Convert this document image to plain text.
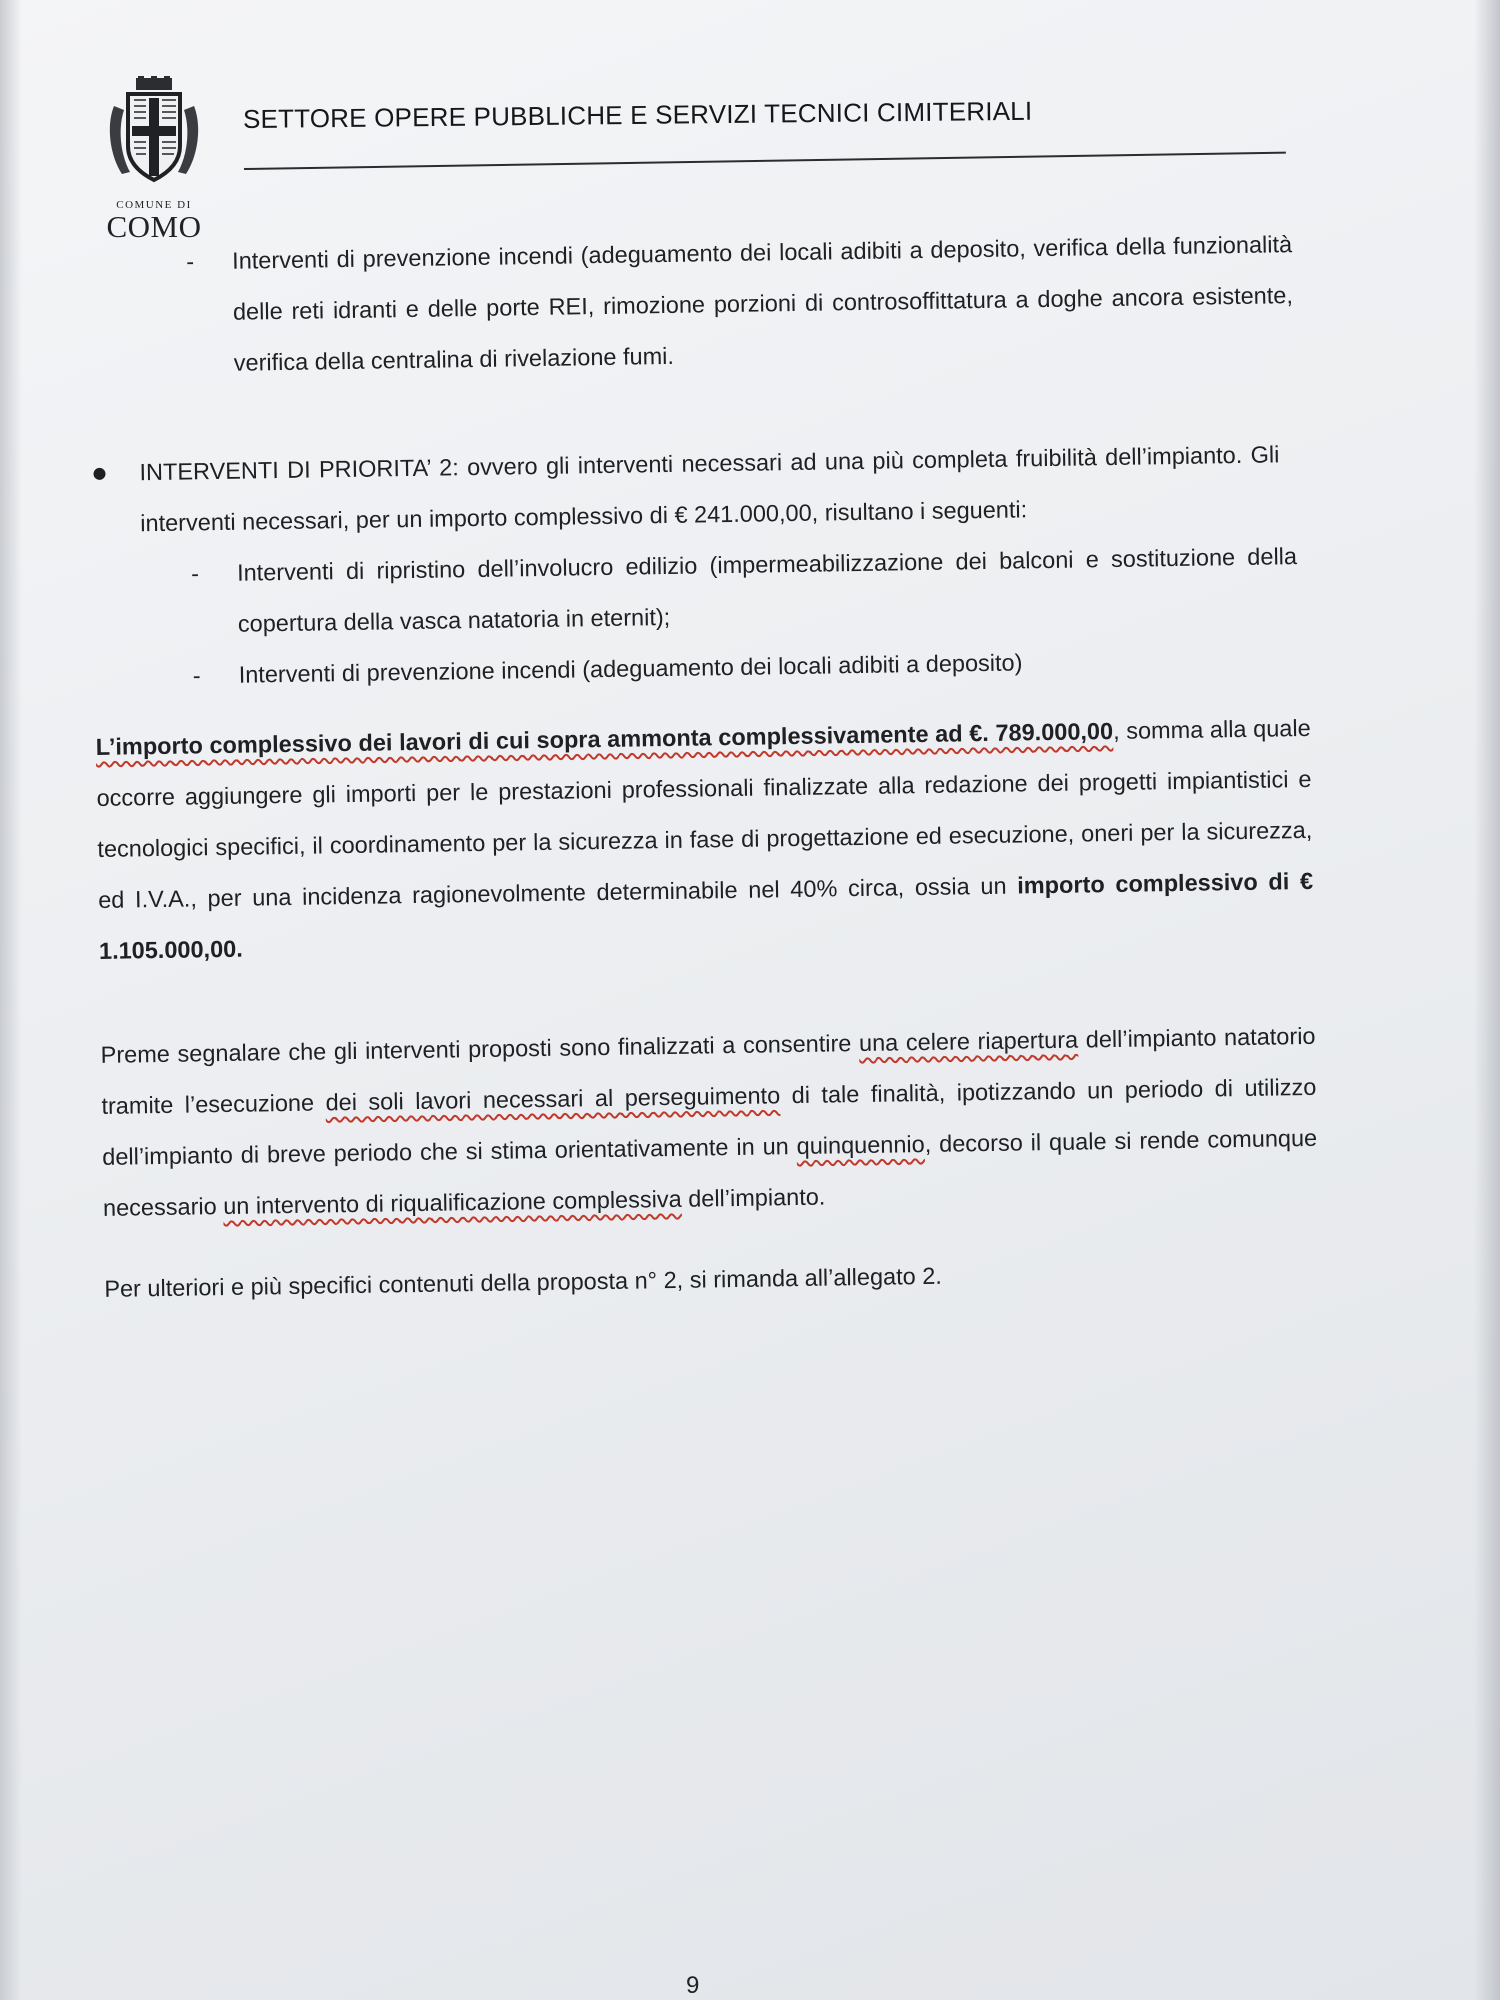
COMUNE DI
COMO
SETTORE OPERE PUBBLICHE E SERVIZI TECNICI CIMITERIALI
- Interventi di prevenzione incendi (adeguamento dei locali adibiti a deposito, verifica della funzionalità delle reti idranti e delle porte REI, rimozione porzioni di controsoffittatura a doghe ancora esistente, verifica della centralina di rivelazione fumi.
INTERVENTI DI PRIORITA’ 2: ovvero gli interventi necessari ad una più completa fruibilità dell’impianto. Gli interventi necessari, per un importo complessivo di € 241.000,00, risultano i seguenti:
- Interventi di ripristino dell’involucro edilizio (impermeabilizzazione dei balconi e sostituzione della copertura della vasca natatoria in eternit);
- Interventi di prevenzione incendi (adeguamento dei locali adibiti a deposito)
L’importo complessivo dei lavori di cui sopra ammonta complessivamente ad €. 789.000,00, somma alla quale occorre aggiungere gli importi per le prestazioni professionali finalizzate alla redazione dei progetti impiantistici e tecnologici specifici, il coordinamento per la sicurezza in fase di progettazione ed esecuzione, oneri per la sicurezza, ed I.V.A., per una incidenza ragionevolmente determinabile nel 40% circa, ossia un importo complessivo di € 1.105.000,00.
Preme segnalare che gli interventi proposti sono finalizzati a consentire una celere riapertura dell’impianto natatorio tramite l’esecuzione dei soli lavori necessari al perseguimento di tale finalità, ipotizzando un periodo di utilizzo dell’impianto di breve periodo che si stima orientativamente in un quinquennio, decorso il quale si rende comunque necessario un intervento di riqualificazione complessiva dell’impianto.
Per ulteriori e più specifici contenuti della proposta n° 2, si rimanda all’allegato 2.
9
